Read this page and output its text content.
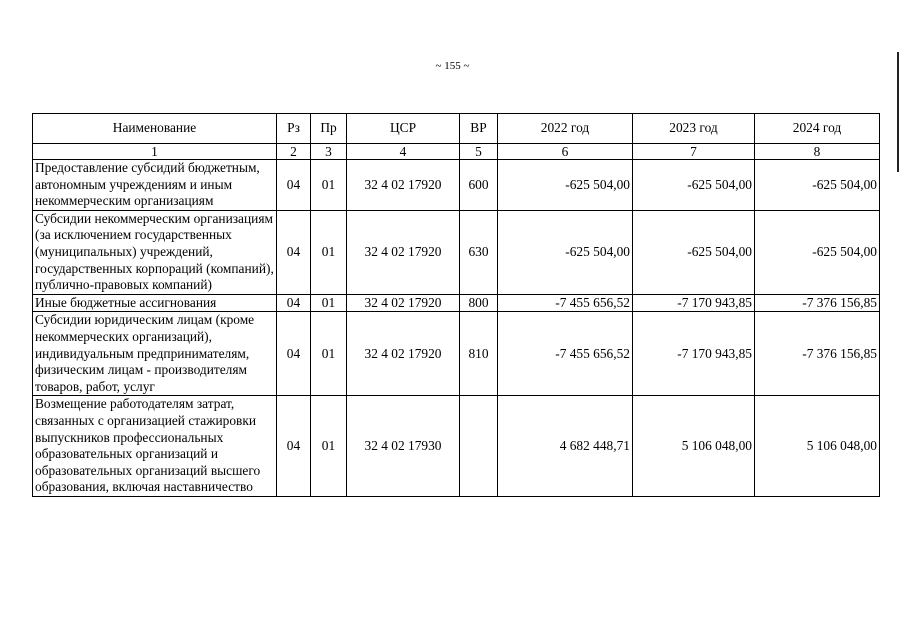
~ 155 ~
Наименование	Рз	Пр	ЦСР	ВР	2022 год	2023 год	2024 год
1	2	3	4	5	6	7	8
Предоставление субсидий бюджетным, автономным учреждениям и иным некоммерческим организациям	04	01	32 4 02 17920	600	-625 504,00	-625 504,00	-625 504,00
Субсидии некоммерческим организациям (за исключением государственных (муниципальных) учреждений, государственных корпораций (компаний), публично-правовых компаний)	04	01	32 4 02 17920	630	-625 504,00	-625 504,00	-625 504,00
Иные бюджетные ассигнования	04	01	32 4 02 17920	800	-7 455 656,52	-7 170 943,85	-7 376 156,85
Субсидии юридическим лицам (кроме некоммерческих организаций), индивидуальным предпринимателям, физическим лицам - производителям товаров, работ, услуг	04	01	32 4 02 17920	810	-7 455 656,52	-7 170 943,85	-7 376 156,85
Возмещение работодателям затрат, связанных с организацией стажировки выпускников профессиональных образовательных организаций и образовательных организаций высшего образования, включая наставничество	04	01	32 4 02 17930		4 682 448,71	5 106 048,00	5 106 048,00
